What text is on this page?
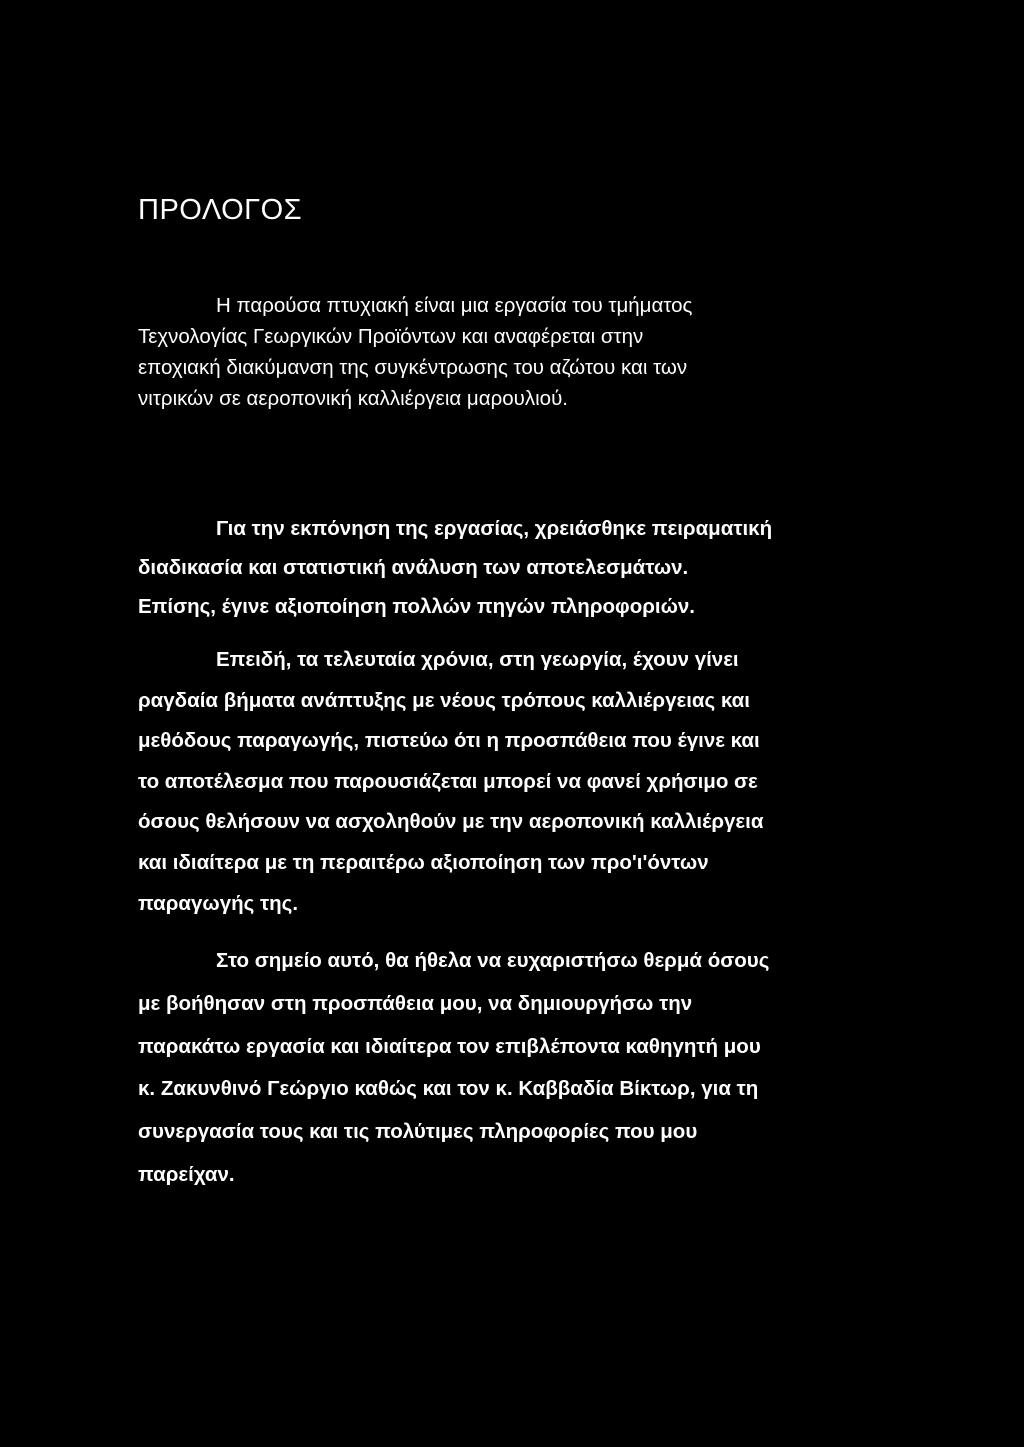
ΠΡΟΛΟΓΟΣ

Η παρούσα πτυχιακή είναι μια εργασία του τμήματος
Τεχνολογίας Γεωργικών Προϊόντων και αναφέρεται στην
εποχιακή διακύμανση της συγκέντρωσης του αζώτου και των
νιτρικών σε αεροπονική καλλιέργεια μαρουλιού.

Για την εκπόνηση της εργασίας, χρειάσθηκε πειραματική
διαδικασία και στατιστική ανάλυση των αποτελεσμάτων.
Επίσης, έγινε αξιοποίηση πολλών πηγών πληροφοριών.

Επειδή, τα τελευταία χρόνια, στη γεωργία, έχουν γίνει
ραγδαία βήματα ανάπτυξης με νέους τρόπους καλλιέργειας και
μεθόδους παραγωγής, πιστεύω ότι η προσπάθεια που έγινε και
το αποτέλεσμα που παρουσιάζεται μπορεί να φανεί χρήσιμο σε
όσους θελήσουν να ασχοληθούν με την αεροπονική καλλιέργεια
και ιδιαίτερα με τη περαιτέρω αξιοποίηση των προ'ι'όντων
παραγωγής της.

Στο σημείο αυτό, θα ήθελα να ευχαριστήσω θερμά όσους
με βοήθησαν στη προσπάθεια μου, να δημιουργήσω την
παρακάτω εργασία και ιδιαίτερα τον επιβλέποντα καθηγητή μου
κ. Ζακυνθινό Γεώργιο καθώς και τον κ. Καββαδία Βίκτωρ, για τη
συνεργασία τους και τις πολύτιμες πληροφορίες που μου
παρείχαν.
